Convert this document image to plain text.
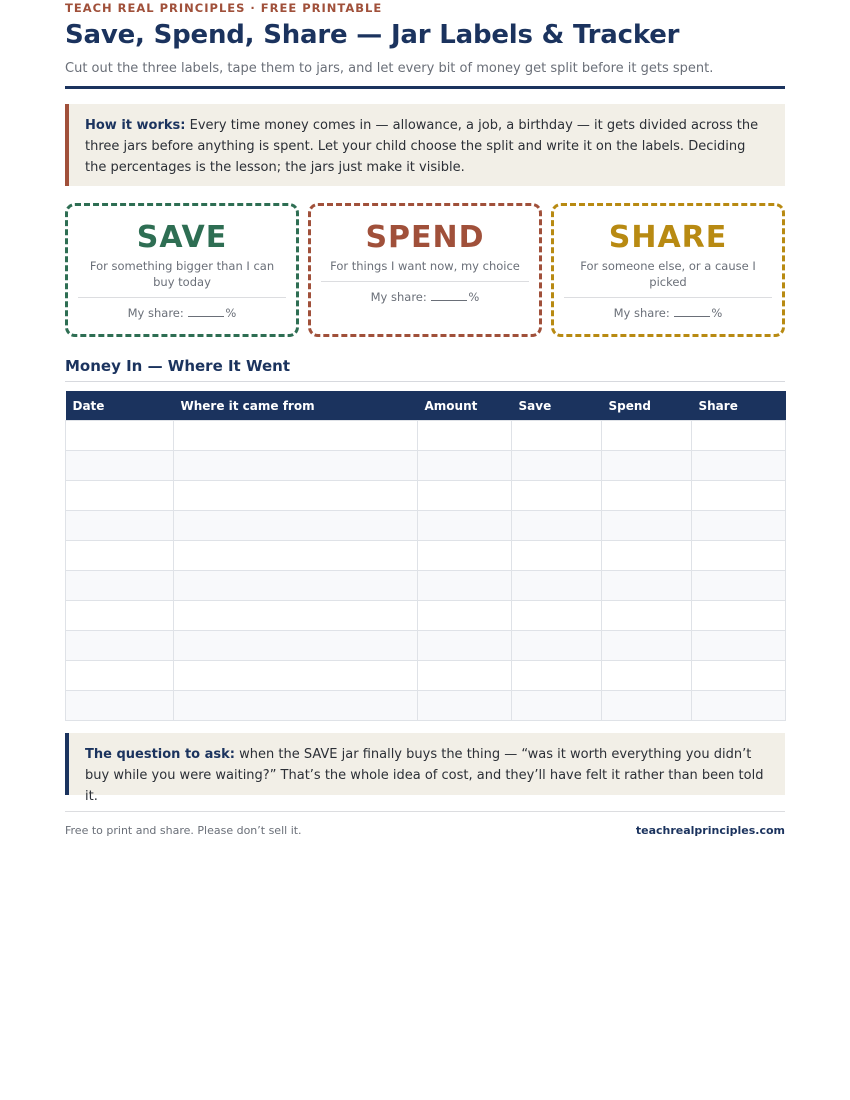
TEACH REAL PRINCIPLES · FREE PRINTABLE
Save, Spend, Share — Jar Labels & Tracker
Cut out the three labels, tape them to jars, and let every bit of money get split before it gets spent.
How it works: Every time money comes in — allowance, a job, a birthday — it gets divided across the three jars before anything is spent. Let your child choose the split and write it on the labels. Deciding the percentages is the lesson; the jars just make it visible.
SAVE
For something bigger than I can buy today
My share:	%
SPEND
For things I want now, my choice
My share:	%
SHARE
For someone else, or a cause I picked
My share:	%
Money In — Where It Went
Date	Where it came from	Amount	Save	Spend	Share

The question to ask: when the SAVE jar finally buys the thing — “was it worth everything you didn’t buy while you were waiting?” That’s the whole idea of cost, and they’ll have felt it rather than been told it.
Free to print and share. Please don’t sell it.	teachrealprinciples.com
